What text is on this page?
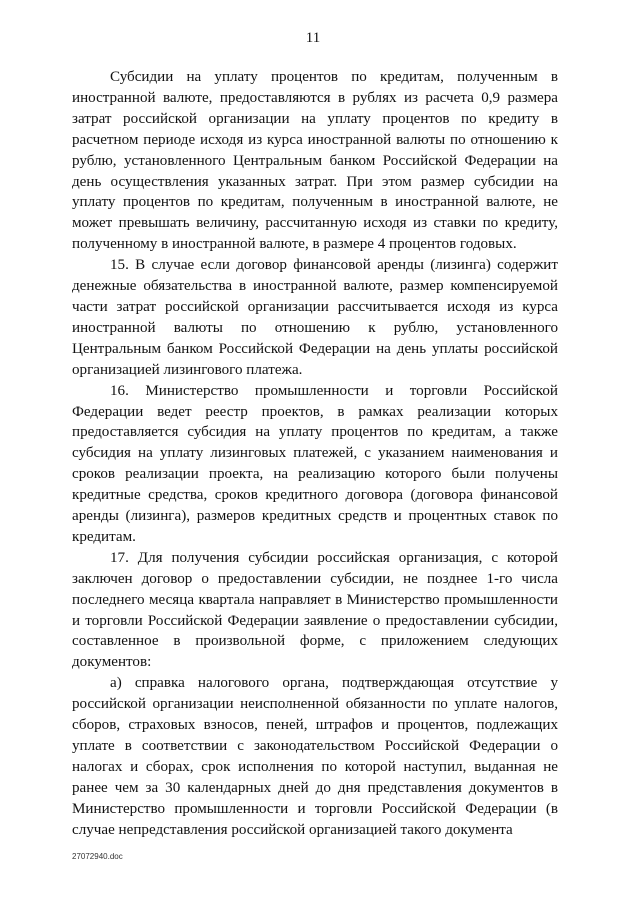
11

Субсидии на уплату процентов по кредитам, полученным в иностранной валюте, предоставляются в рублях из расчета 0,9 размера затрат российской организации на уплату процентов по кредиту в расчетном периоде исходя из курса иностранной валюты по отношению к рублю, установленного Центральным банком Российской Федерации на день осуществления указанных затрат. При этом размер субсидии на уплату процентов по кредитам, полученным в иностранной валюте, не может превышать величину, рассчитанную исходя из ставки по кредиту, полученному в иностранной валюте, в размере 4 процентов годовых.

15. В случае если договор финансовой аренды (лизинга) содержит денежные обязательства в иностранной валюте, размер компенсируемой части затрат российской организации рассчитывается исходя из курса иностранной валюты по отношению к рублю, установленного Центральным банком Российской Федерации на день уплаты российской организацией лизингового платежа.

16. Министерство промышленности и торговли Российской Федерации ведет реестр проектов, в рамках реализации которых предоставляется субсидия на уплату процентов по кредитам, а также субсидия на уплату лизинговых платежей, с указанием наименования и сроков реализации проекта, на реализацию которого были получены кредитные средства, сроков кредитного договора (договора финансовой аренды (лизинга), размеров кредитных средств и процентных ставок по кредитам.

17. Для получения субсидии российская организация, с которой заключен договор о предоставлении субсидии, не позднее 1-го числа последнего месяца квартала направляет в Министерство промышленности и торговли Российской Федерации заявление о предоставлении субсидии, составленное в произвольной форме, с приложением следующих документов:

а) справка налогового органа, подтверждающая отсутствие у российской организации неисполненной обязанности по уплате налогов, сборов, страховых взносов, пеней, штрафов и процентов, подлежащих уплате в соответствии с законодательством Российской Федерации о налогах и сборах, срок исполнения по которой наступил, выданная не ранее чем за 30 календарных дней до дня представления документов в Министерство промышленности и торговли Российской Федерации (в случае непредставления российской организацией такого документа

27072940.doc
